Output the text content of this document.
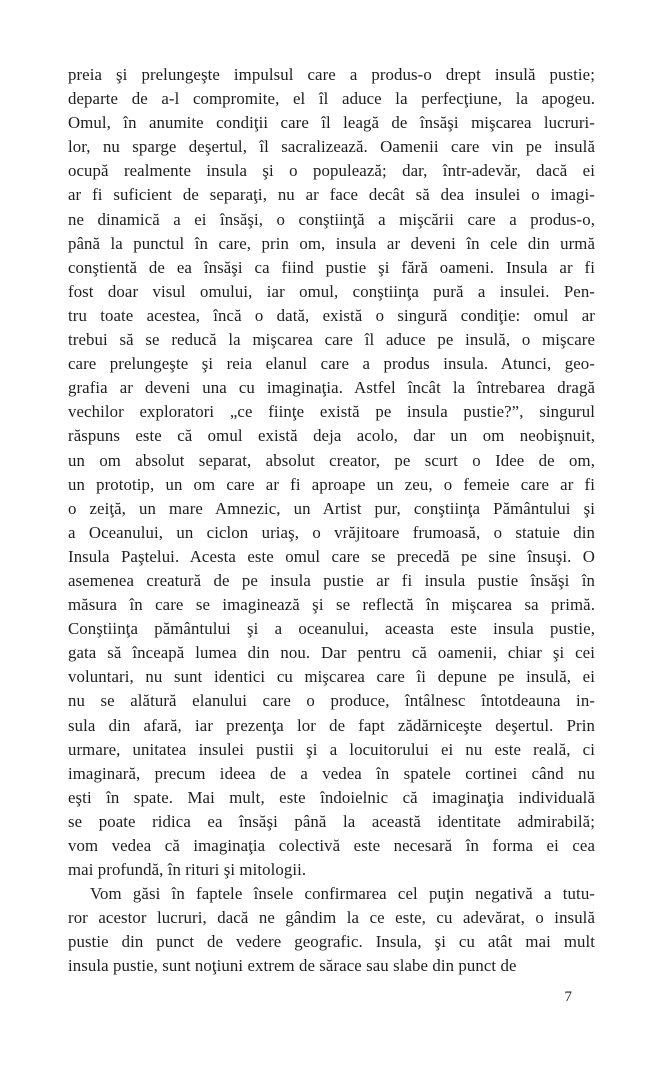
preia şi prelungeşte impulsul care a produs-o drept insulă pustie;
departe de a-l compromite, el îl aduce la perfecţiune, la apogeu.
Omul, în anumite condiţii care îl leagă de însăşi mişcarea lucruri-
lor, nu sparge deşertul, îl sacralizează. Oamenii care vin pe insulă
ocupă realmente insula şi o populează; dar, într-adevăr, dacă ei
ar fi suficient de separaţi, nu ar face decât să dea insulei o imagi-
ne dinamică a ei însăşi, o conştiinţă a mişcării care a produs-o,
până la punctul în care, prin om, insula ar deveni în cele din urmă
conştientă de ea însăşi ca fiind pustie şi fără oameni. Insula ar fi
fost doar visul omului, iar omul, conştiinţa pură a insulei. Pen-
tru toate acestea, încă o dată, există o singură condiţie: omul ar
trebui să se reducă la mişcarea care îl aduce pe insulă, o mişcare
care prelungeşte şi reia elanul care a produs insula. Atunci, geo-
grafia ar deveni una cu imaginaţia. Astfel încât la întrebarea dragă
vechilor exploratori „ce fiinţe există pe insula pustie?”, singurul
răspuns este că omul există deja acolo, dar un om neobişnuit,
un om absolut separat, absolut creator, pe scurt o Idee de om,
un prototip, un om care ar fi aproape un zeu, o femeie care ar fi
o zeiţă, un mare Amnezic, un Artist pur, conştiinţa Pământului şi
a Oceanului, un ciclon uriaş, o vrăjitoare frumoasă, o statuie din
Insula Paştelui. Acesta este omul care se precedă pe sine însuşi. O
asemenea creatură de pe insula pustie ar fi insula pustie însăşi în
măsura în care se imaginează şi se reflectă în mişcarea sa primă.
Conştiinţa pământului şi a oceanului, aceasta este insula pustie,
gata să înceapă lumea din nou. Dar pentru că oamenii, chiar şi cei
voluntari, nu sunt identici cu mişcarea care îi depune pe insulă, ei
nu se alătură elanului care o produce, întâlnesc întotdeauna in-
sula din afară, iar prezenţa lor de fapt zădărniceşte deşertul. Prin
urmare, unitatea insulei pustii şi a locuitorului ei nu este reală, ci
imaginară, precum ideea de a vedea în spatele cortinei când nu
eşti în spate. Mai mult, este îndoielnic că imaginaţia individuală
se poate ridica ea însăşi până la această identitate admirabilă;
vom vedea că imaginaţia colectivă este necesară în forma ei cea
mai profundă, în rituri şi mitologii.
Vom găsi în faptele însele confirmarea cel puţin negativă a tutu-
ror acestor lucruri, dacă ne gândim la ce este, cu adevărat, o insulă
pustie din punct de vedere geografic. Insula, şi cu atât mai mult
insula pustie, sunt noţiuni extrem de sărace sau slabe din punct de
7
